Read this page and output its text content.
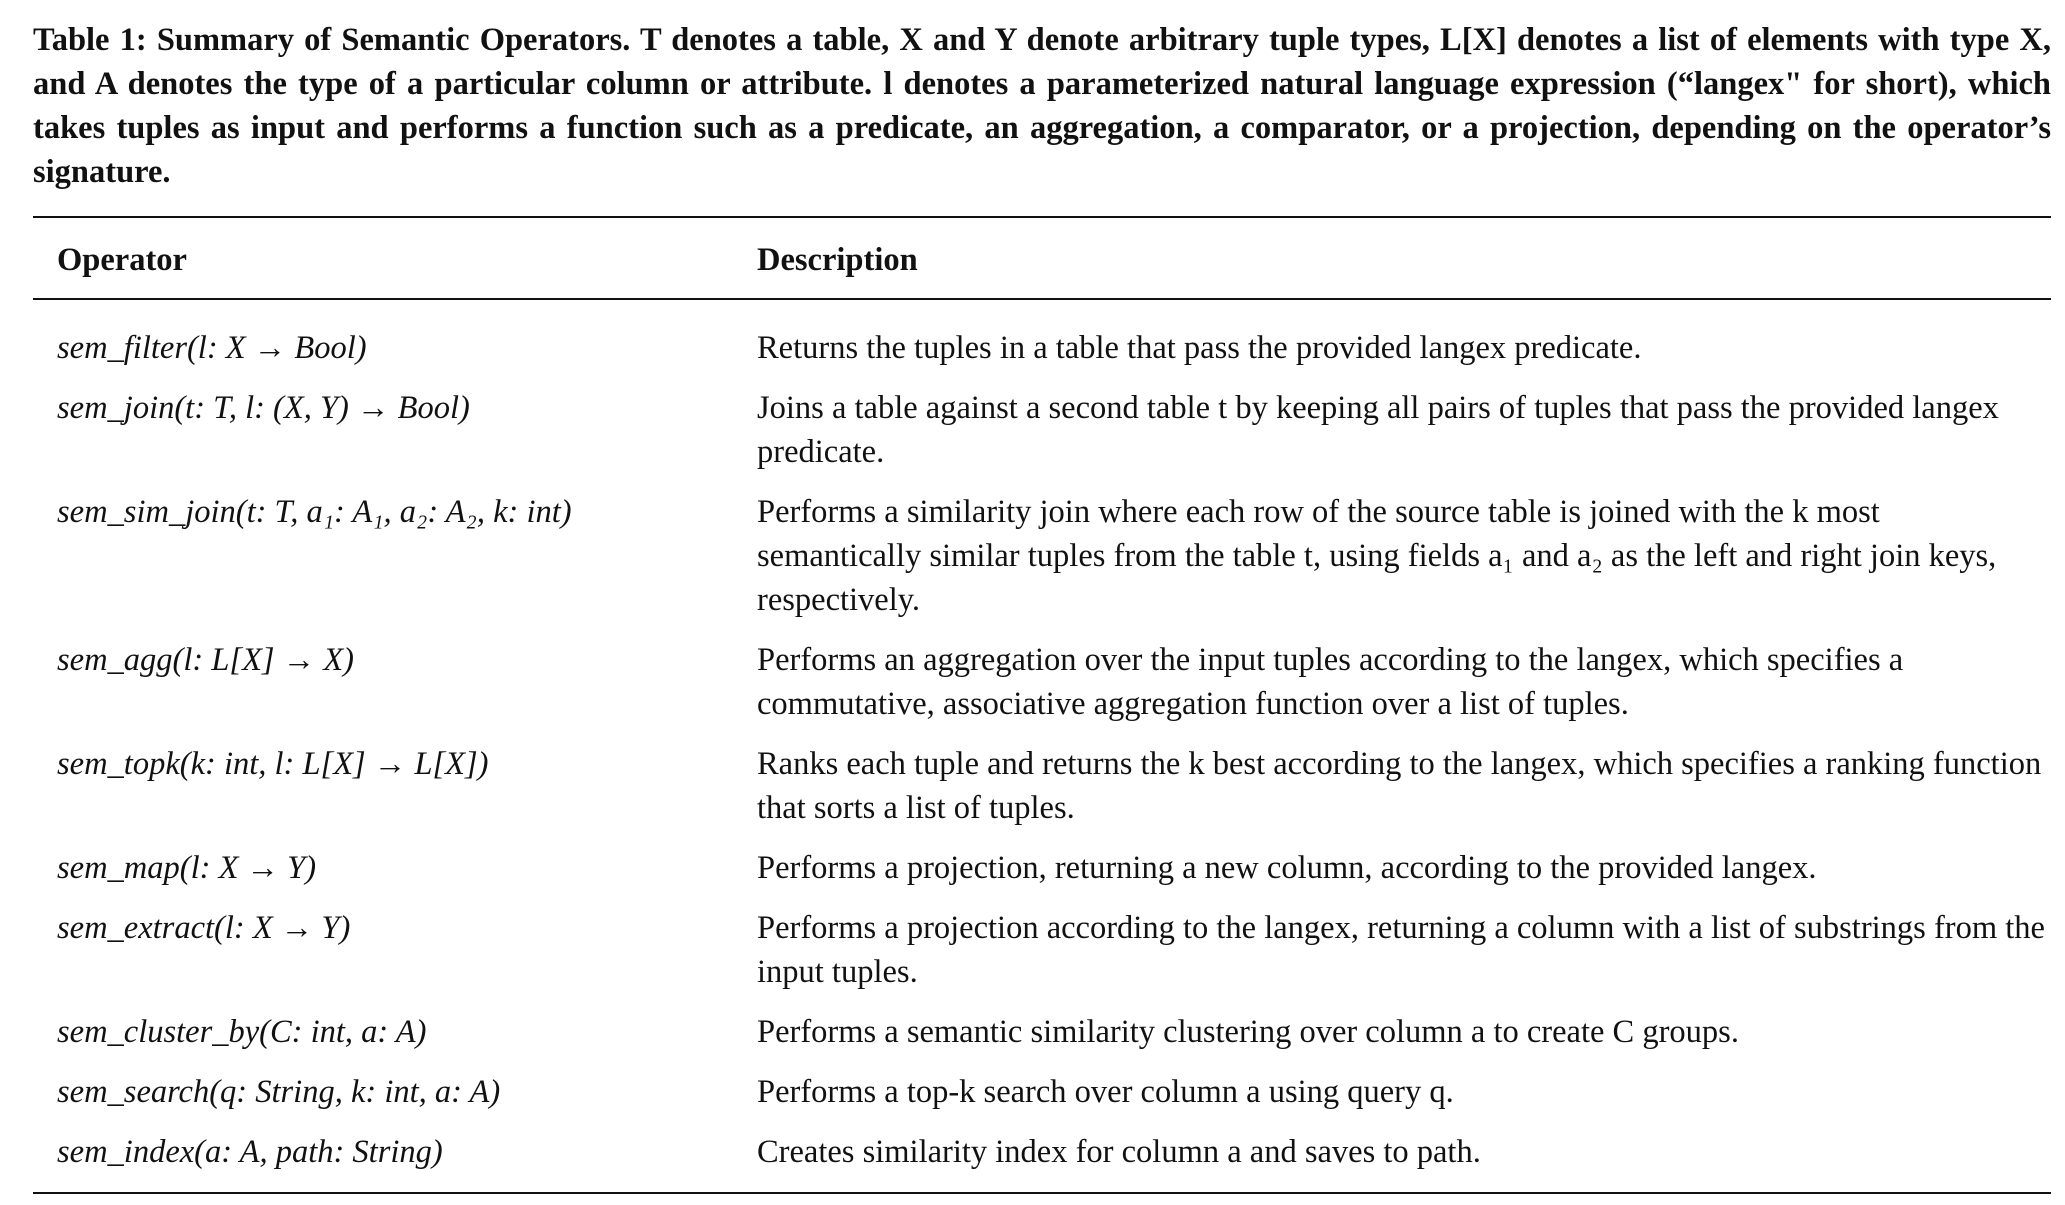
Table 1: Summary of Semantic Operators. T denotes a table, X and Y denote arbitrary tuple types, L[X] denotes a list of elements with type X, and A denotes the type of a particular column or attribute. l denotes a parameterized natural language expression (“langex" for short), which takes tuples as input and performs a function such as a predicate, an aggregation, a comparator, or a projection, depending on the operator’s signature.

Operator	Description

sem_filter(l: X → Bool)	Returns the tuples in a table that pass the provided langex predicate.
sem_join(t: T, l: (X, Y) → Bool)	Joins a table against a second table t by keeping all pairs of tuples that pass the provided langex predicate.
sem_sim_join(t: T, a₁: A₁, a₂: A₂, k: int)	Performs a similarity join where each row of the source table is joined with the k most semantically similar tuples from the table t, using fields a₁ and a₂ as the left and right join keys, respectively.
sem_agg(l: L[X] → X)	Performs an aggregation over the input tuples according to the langex, which specifies a commutative, associative aggregation function over a list of tuples.
sem_topk(k: int, l: L[X] → L[X])	Ranks each tuple and returns the k best according to the langex, which specifies a ranking function that sorts a list of tuples.
sem_map(l: X → Y)	Performs a projection, returning a new column, according to the provided langex.
sem_extract(l: X → Y)	Performs a projection according to the langex, returning a column with a list of substrings from the input tuples.
sem_cluster_by(C: int, a: A)	Performs a semantic similarity clustering over column a to create C groups.
sem_search(q: String, k: int, a: A)	Performs a top-k search over column a using query q.
sem_index(a: A, path: String)	Creates similarity index for column a and saves to path.
